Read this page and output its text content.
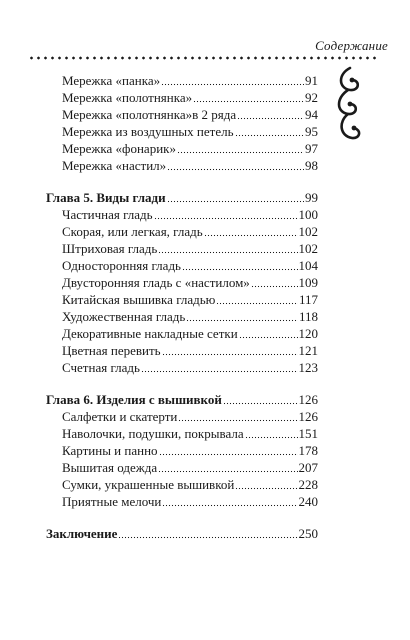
Содержание
Мережка «панка»	91
Мережка «полотнянка»	92
Мережка «полотнянка»в 2 ряда	94
Мережка из воздушных петель	95
Мережка «фонарик»	97
Мережка «настил»	98
Глава 5. Виды глади	99
Частичная гладь	100
Скорая, или легкая, гладь	102
Штриховая гладь	102
Односторонняя гладь	104
Двусторонняя гладь с «настилом»	109
Китайская вышивка гладью	117
Художественная гладь	118
Декоративные накладные сетки	120
Цветная перевить	121
Счетная гладь	123
Глава 6. Изделия с вышивкой	126
Салфетки и скатерти	126
Наволочки, подушки, покрывала	151
Картины и панно	178
Вышитая одежда	207
Сумки, украшенные вышивкой	228
Приятные мелочи	240
Заключение	250
